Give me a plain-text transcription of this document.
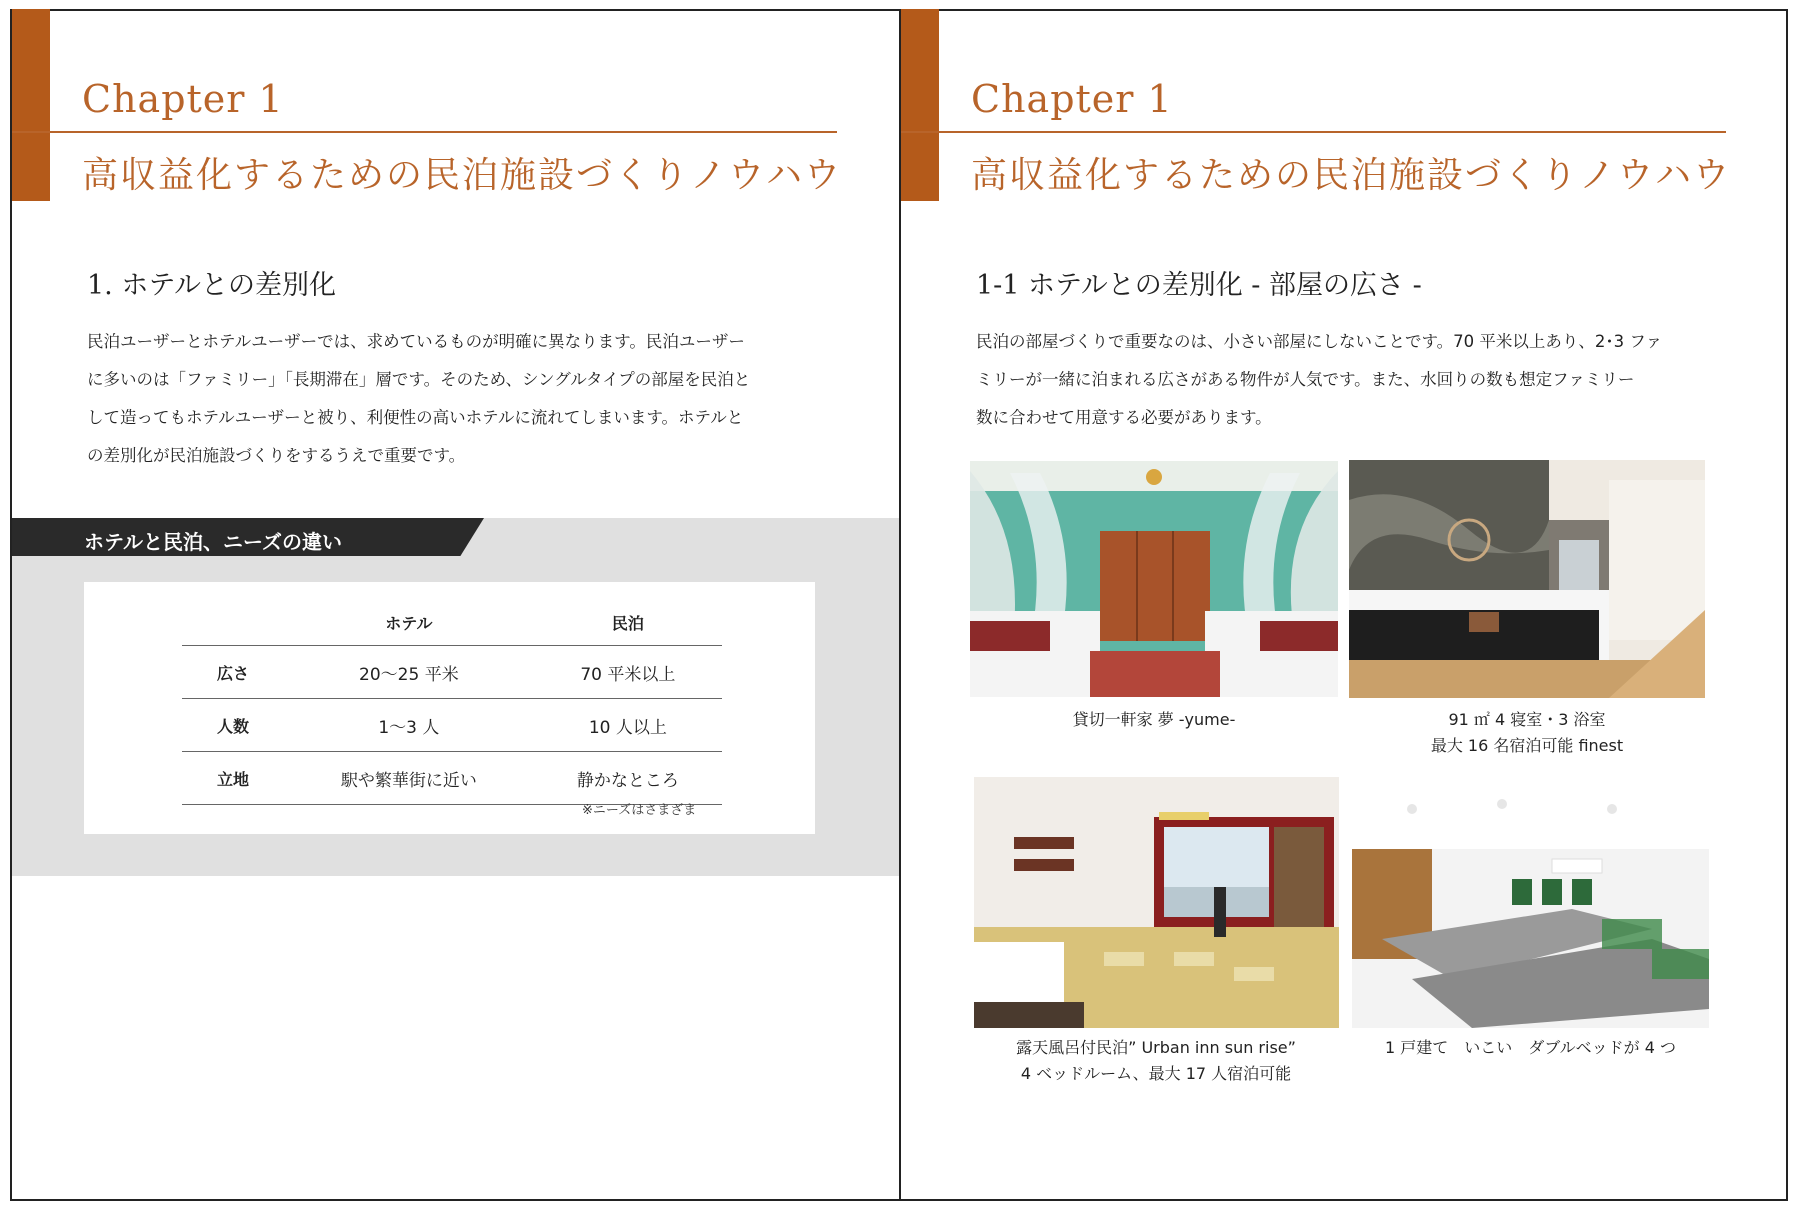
Chapter 1
高収益化するための民泊施設づくりノウハウ
1. ホテルとの差別化
民泊ユーザーとホテルユーザーでは、求めているものが明確に異なります。民泊ユーザー
に多いのは「ファミリー」「長期滞在」層です。そのため、シングルタイプの部屋を民泊と
して造ってもホテルユーザーと被り、利便性の高いホテルに流れてしまいます。ホテルと
の差別化が民泊施設づくりをするうえで重要です。
ホテルと民泊、ニーズの違い
	ホテル	民泊
広さ	20〜25 平米	70 平米以上
人数	1〜3 人	10 人以上
立地	駅や繁華街に近い	静かなところ
※ニーズはさまざま
Chapter 1
高収益化するための民泊施設づくりノウハウ
1-1 ホテルとの差別化 - 部屋の広さ -
民泊の部屋づくりで重要なのは、小さい部屋にしないことです。70 平米以上あり、2･3 ファ
ミリーが一緒に泊まれる広さがある物件が人気です。また、水回りの数も想定ファミリー
数に合わせて用意する必要があります。
貸切一軒家 夢 -yume-	91 ㎡ 4 寝室・3 浴室
最大 16 名宿泊可能 finest
露天風呂付民泊” Urban inn sun rise”
4 ベッドルーム、最大 17 人宿泊可能
1 戸建て　いこい　ダブルベッドが 4 つ
